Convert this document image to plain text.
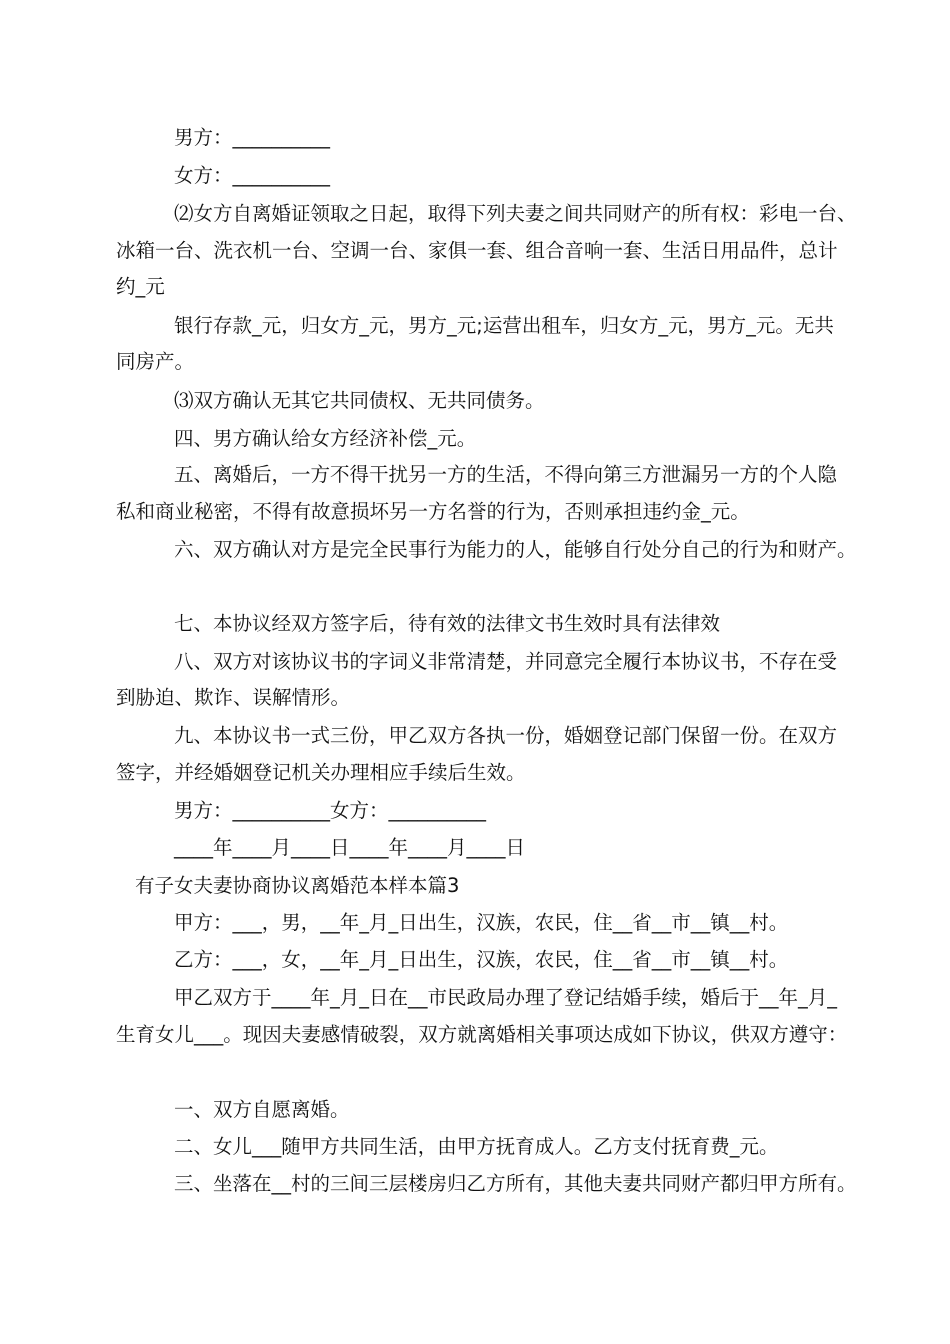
男方：__________
女方：__________
⑵女方自离婚证领取之日起，取得下列夫妻之间共同财产的所有权：彩电一台、
冰箱一台、洗衣机一台、空调一台、家俱一套、组合音响一套、生活日用品件，总计
约_元
银行存款_元，归女方_元，男方_元;运营出租车，归女方_元，男方_元。无共
同房产。
⑶双方确认无其它共同债权、无共同债务。
四、男方确认给女方经济补偿_元。
五、离婚后，一方不得干扰另一方的生活，不得向第三方泄漏另一方的个人隐
私和商业秘密，不得有故意损坏另一方名誉的行为，否则承担违约金_元。
六、双方确认对方是完全民事行为能力的人，能够自行处分自己的行为和财产。
七、本协议经双方签字后，待有效的法律文书生效时具有法律效
八、双方对该协议书的字词义非常清楚，并同意完全履行本协议书，不存在受
到胁迫、欺诈、误解情形。
九、本协议书一式三份，甲乙双方各执一份，婚姻登记部门保留一份。在双方
签字，并经婚姻登记机关办理相应手续后生效。
男方：__________女方：__________
____年____月____日____年____月____日
有子女夫妻协商协议离婚范本样本篇3
甲方：___，男，__年_月_日出生，汉族，农民，住__省__市__镇__村。
乙方：___，女，__年_月_日出生，汉族，农民，住__省__市__镇__村。
甲乙双方于____年_月_日在__市民政局办理了登记结婚手续，婚后于__年_月_
生育女儿___。现因夫妻感情破裂，双方就离婚相关事项达成如下协议，供双方遵守：
一、双方自愿离婚。
二、女儿___随甲方共同生活，由甲方抚育成人。乙方支付抚育费_元。
三、坐落在__村的三间三层楼房归乙方所有，其他夫妻共同财产都归甲方所有。
